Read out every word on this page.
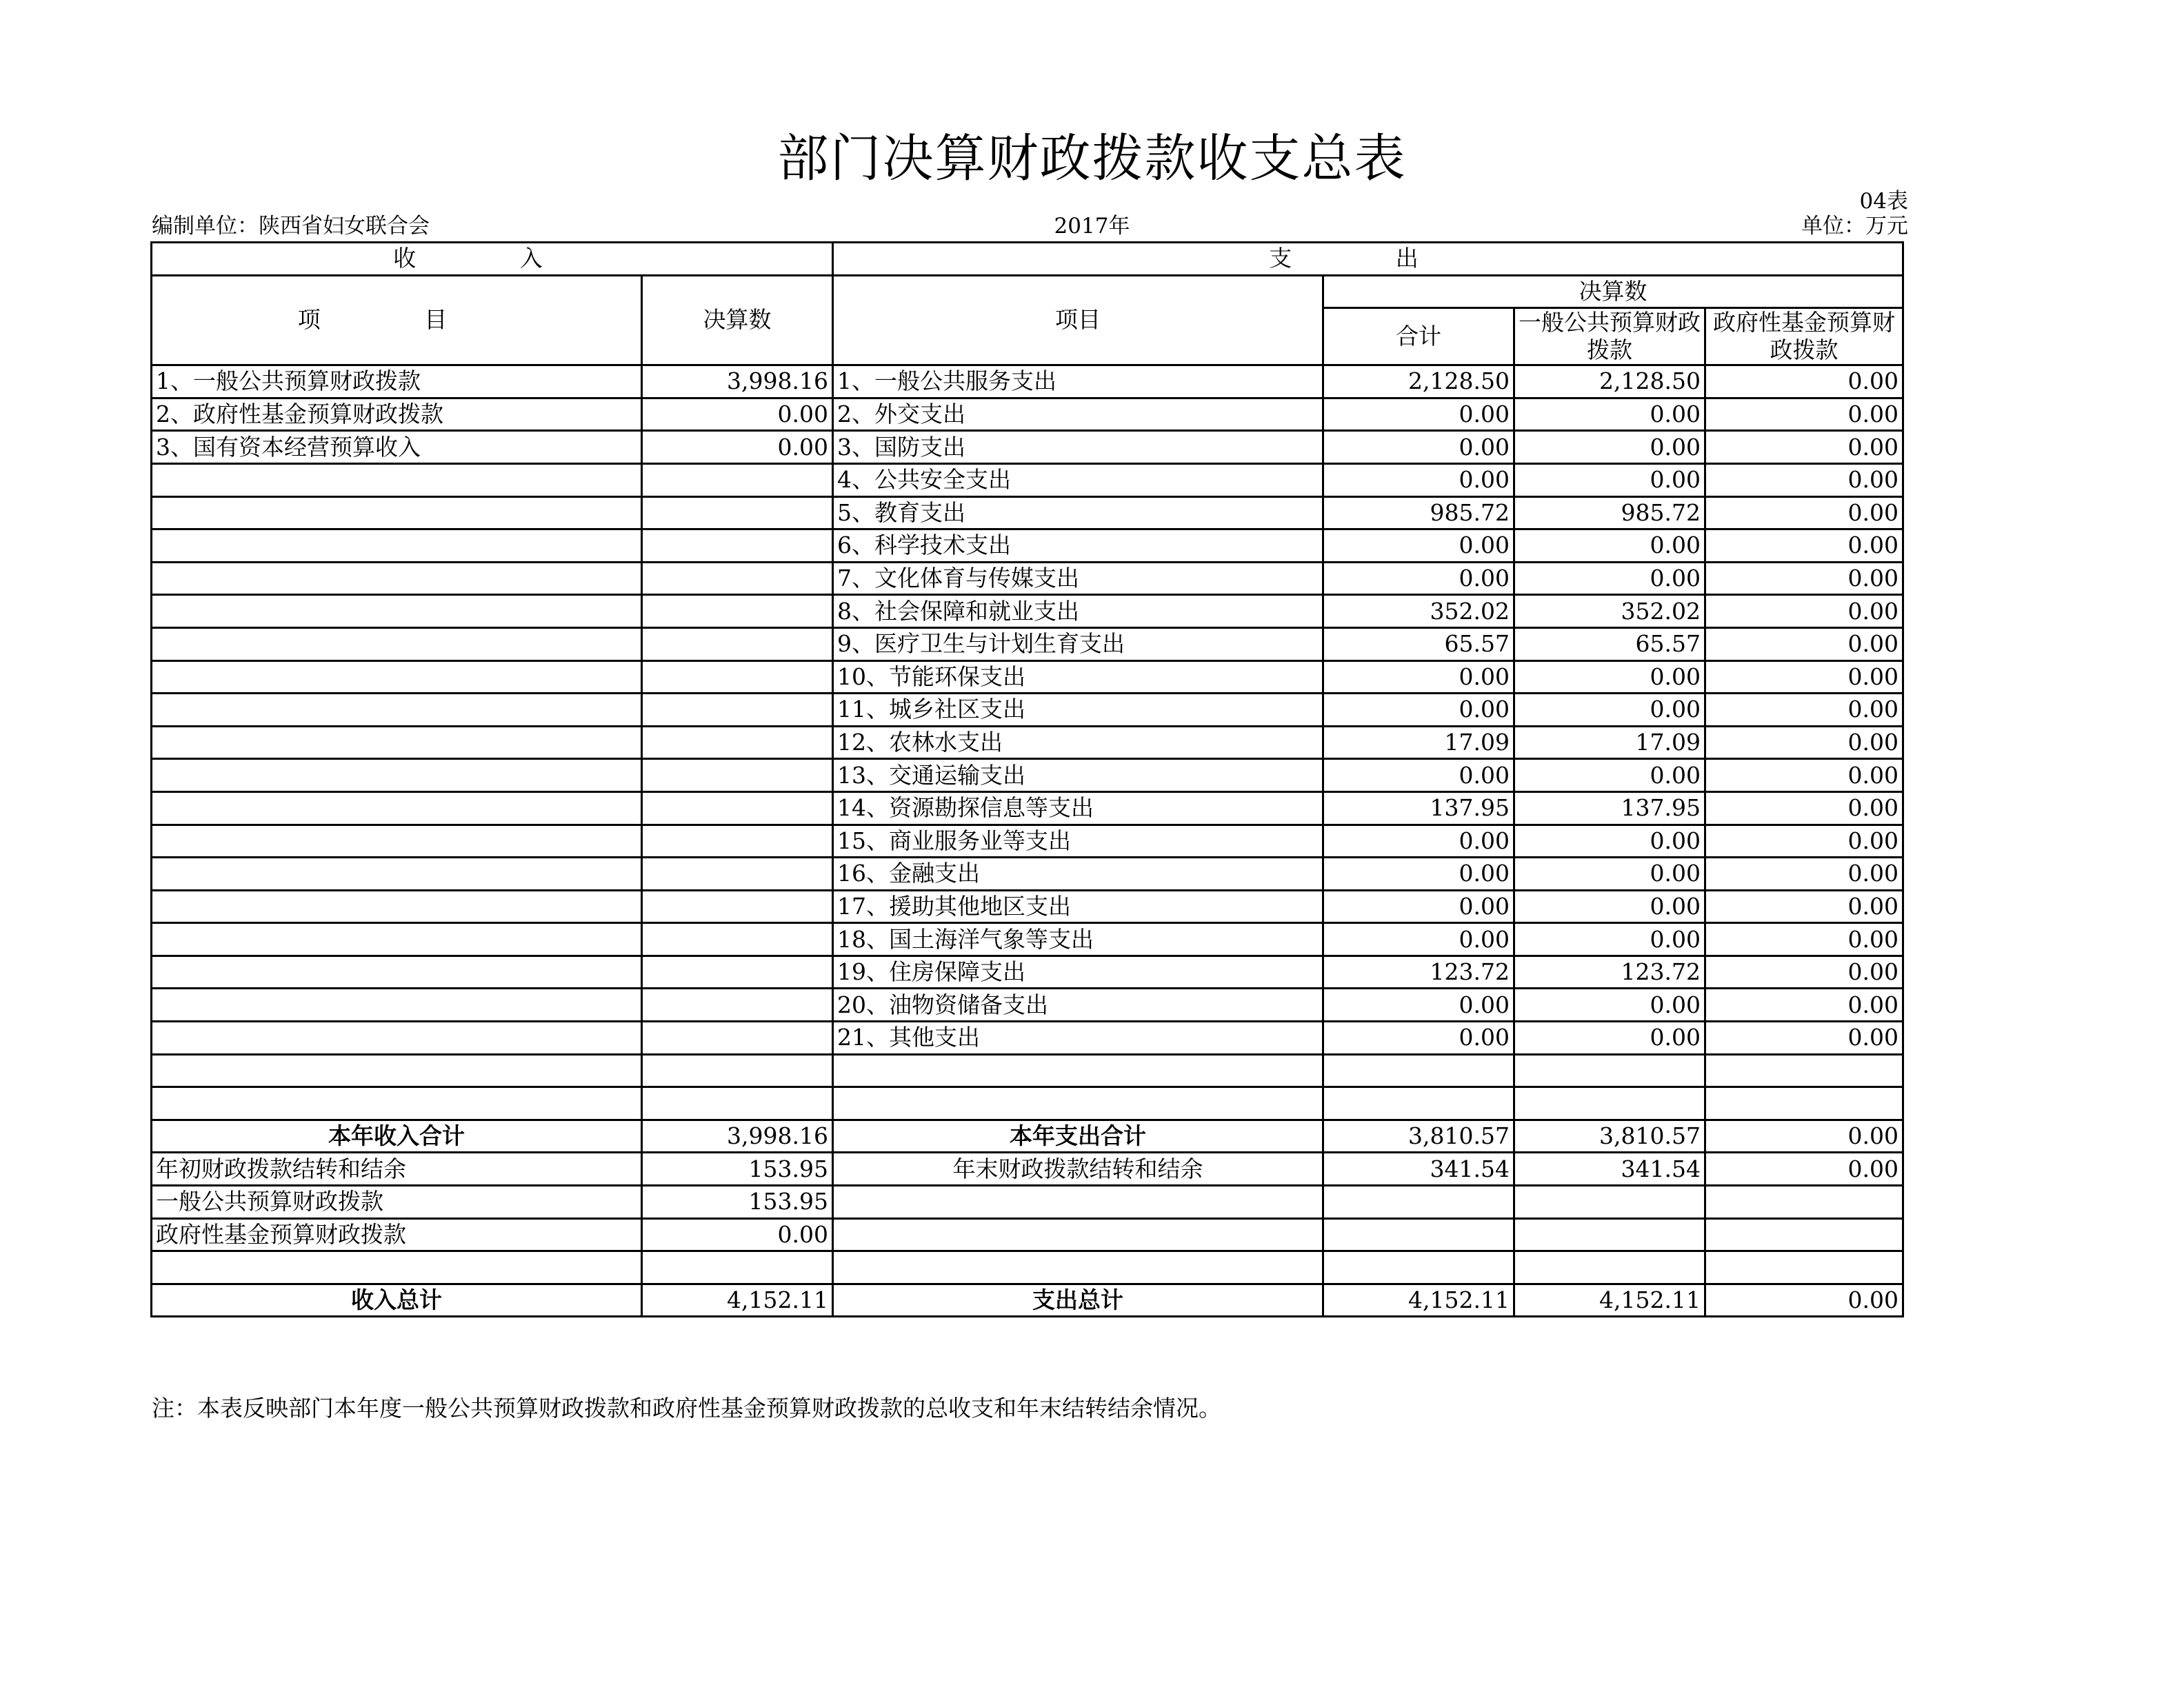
部门决算财政拨款收支总表
04表
编制单位：陕西省妇女联合会	2017年	单位：万元
收 入		支 出			
项 目	决算数	项目	决算数		
			合计	一般公共预算财政拨款	政府性基金预算财政拨款

1、一般公共预算财政拨款	3,998.16	1、一般公共服务支出	2,128.50	2,128.50	0.00
2、政府性基金预算财政拨款	0.00	2、外交支出	0.00	0.00	0.00
3、国有资本经营预算收入	0.00	3、国防支出	0.00	0.00	0.00
		4、公共安全支出	0.00	0.00	0.00
		5、教育支出	985.72	985.72	0.00
		6、科学技术支出	0.00	0.00	0.00
		7、文化体育与传媒支出	0.00	0.00	0.00
		8、社会保障和就业支出	352.02	352.02	0.00
		9、医疗卫生与计划生育支出	65.57	65.57	0.00
		10、节能环保支出	0.00	0.00	0.00
		11、城乡社区支出	0.00	0.00	0.00
		12、农林水支出	17.09	17.09	0.00
		13、交通运输支出	0.00	0.00	0.00
		14、资源勘探信息等支出	137.95	137.95	0.00
		15、商业服务业等支出	0.00	0.00	0.00
		16、金融支出	0.00	0.00	0.00
		17、援助其他地区支出	0.00	0.00	0.00
		18、国土海洋气象等支出	0.00	0.00	0.00
		19、住房保障支出	123.72	123.72	0.00
		20、油物资储备支出	0.00	0.00	0.00
		21、其他支出	0.00	0.00	0.00

本年收入合计	3,998.16	本年支出合计	3,810.57	3,810.57	0.00
年初财政拨款结转和结余	153.95	年末财政拨款结转和结余	341.54	341.54	0.00
一般公共预算财政拨款	153.95				
政府性基金预算财政拨款	0.00				

收入总计	4,152.11	支出总计	4,152.11	4,152.11	0.00
注：本表反映部门本年度一般公共预算财政拨款和政府性基金预算财政拨款的总收支和年末结转结余情况。
